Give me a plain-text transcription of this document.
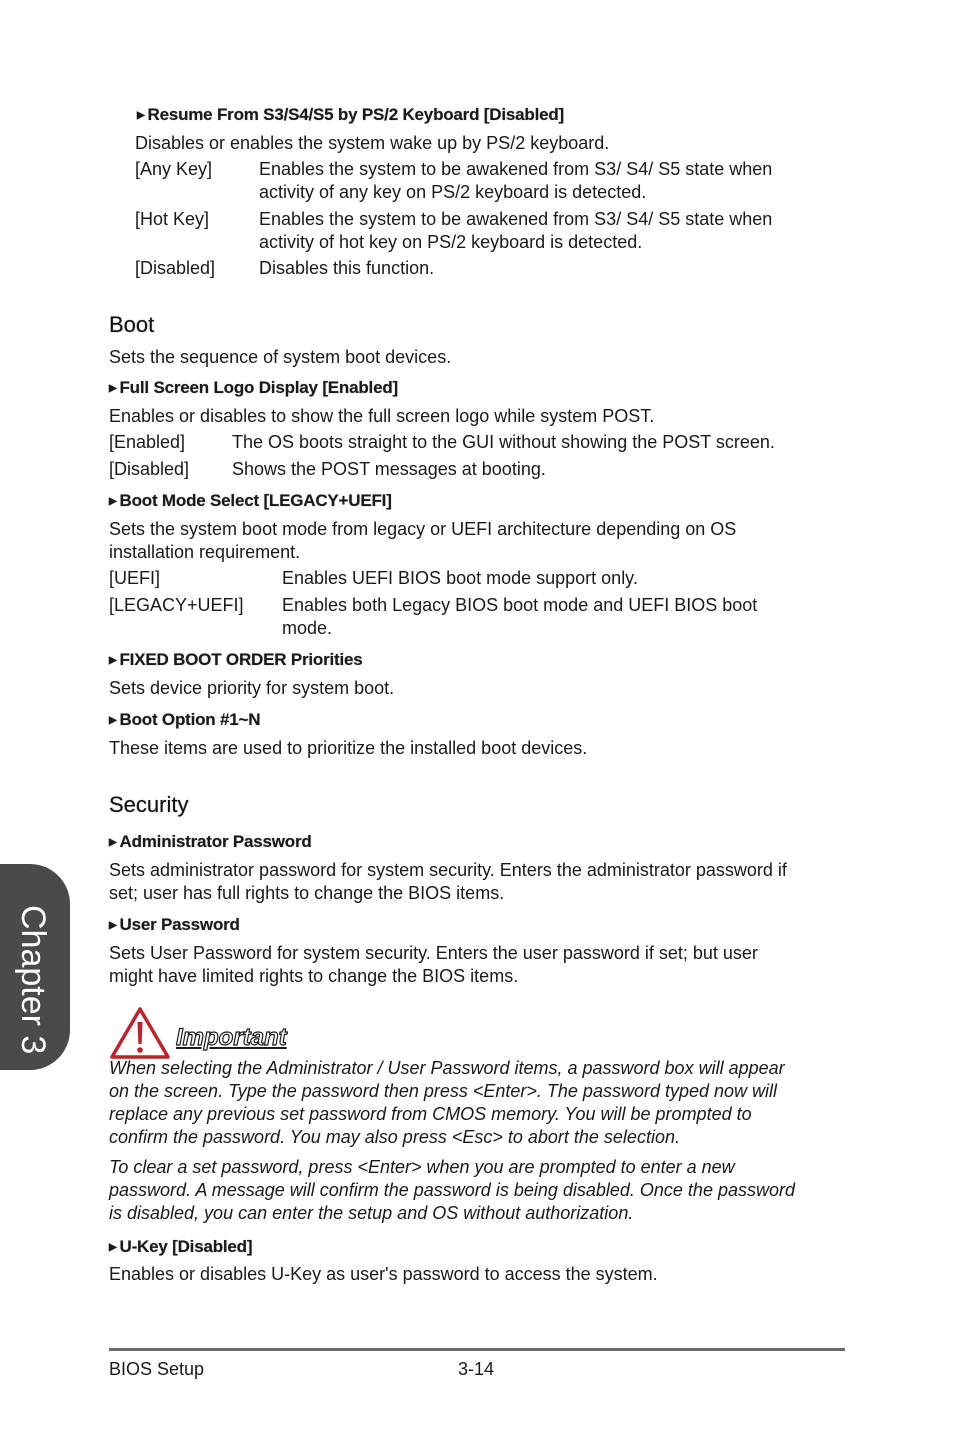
Chapter 3
▶ Resume From S3/S4/S5 by PS/2 Keyboard [Disabled]
Disables or enables the system wake up by PS/2 keyboard.
[Any Key]	Enables the system to be awakened from S3/ S4/ S5 state when
activity of any key on PS/2 keyboard is detected.
[Hot Key]	Enables the system to be awakened from S3/ S4/ S5 state when
activity of hot key on PS/2 keyboard is detected.
[Disabled] Disables this function.
Boot
Sets the sequence of system boot devices.
▶ Full Screen Logo Display [Enabled]
Enables or disables to show the full screen logo while system POST.
[Enabled]	The OS boots straight to the GUI without showing the POST screen.
[Disabled] Shows the POST messages at booting.
▶ Boot Mode Select [LEGACY+UEFI]
Sets the system boot mode from legacy or UEFI architecture depending on OS
installation requirement.
[UEFI]	Enables UEFI BIOS boot mode support only.
[LEGACY+UEFI] Enables both Legacy BIOS boot mode and UEFI BIOS boot
mode.
▶ FIXED BOOT ORDER Priorities
Sets device priority for system boot.
▶ Boot Option #1~N
These items are used to prioritize the installed boot devices.
Security
▶ Administrator Password
Sets administrator password for system security. Enters the administrator password if
set; user has full rights to change the BIOS items.
▶ User Password
Sets User Password for system security. Enters the user password if set; but user
might have limited rights to change the BIOS items.
Important
When selecting the Administrator / User Password items, a password box will appear
on the screen. Type the password then press <Enter>. The password typed now will
replace any previous set password from CMOS memory. You will be prompted to
confirm the password. You may also press <Esc> to abort the selection.
To clear a set password, press <Enter> when you are prompted to enter a new
password. A message will confirm the password is being disabled. Once the password
is disabled, you can enter the setup and OS without authorization.
▶ U-Key [Disabled]
Enables or disables U-Key as user's password to access the system.
BIOS Setup	3-14
